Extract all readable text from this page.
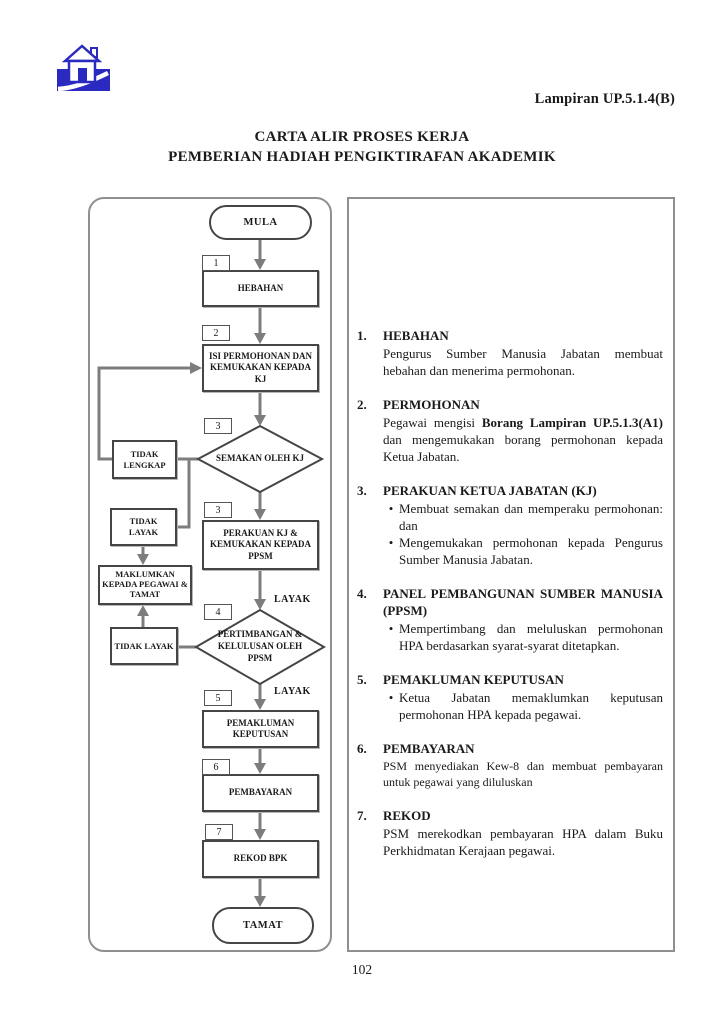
Lampiran UP.5.1.4(B)
CARTA ALIR PROSES KERJA
PEMBERIAN HADIAH PENGIKTIRAFAN AKADEMIK
MULA
TAMAT
HEBAHAN
ISI PERMOHONAN DAN KEMUKAKAN KEPADA KJ
PERAKUAN KJ & KEMUKAKAN KEPADA PPSM
PEMAKLUMAN KEPUTUSAN
PEMBAYARAN
REKOD BPK
SEMAKAN OLEH KJ
PERTIMBANGAN & KELULUSAN OLEH PPSM
TIDAK LENGKAP
TIDAK LAYAK
MAKLUMKAN KEPADA PEGAWAI & TAMAT
TIDAK LAYAK
1
2
3
3
4
5
6
7
LAYAK
LAYAK
1.	HEBAHAN
Pengurus Sumber Manusia Jabatan membuat hebahan dan menerima permohonan.
2.	PERMOHONAN
Pegawai mengisi Borang Lampiran UP.5.1.3(A1) dan mengemukakan borang permohonan kepada Ketua Jabatan.
3.	PERAKUAN KETUA JABATAN (KJ)
• Membuat semakan dan memperaku permohonan: dan
• Mengemukakan permohonan kepada Pengurus Sumber Manusia Jabatan.
4.	PANEL PEMBANGUNAN SUMBER MANUSIA (PPSM)
• Mempertimbang dan meluluskan permohonan HPA berdasarkan syarat-syarat ditetapkan.
5.	PEMAKLUMAN KEPUTUSAN
• Ketua Jabatan memaklumkan keputusan permohonan HPA kepada pegawai.
6.	PEMBAYARAN
PSM menyediakan Kew-8 dan membuat pembayaran untuk pegawai yang diluluskan
7.	REKOD
PSM merekodkan pembayaran HPA dalam Buku Perkhidmatan Kerajaan pegawai.
102
